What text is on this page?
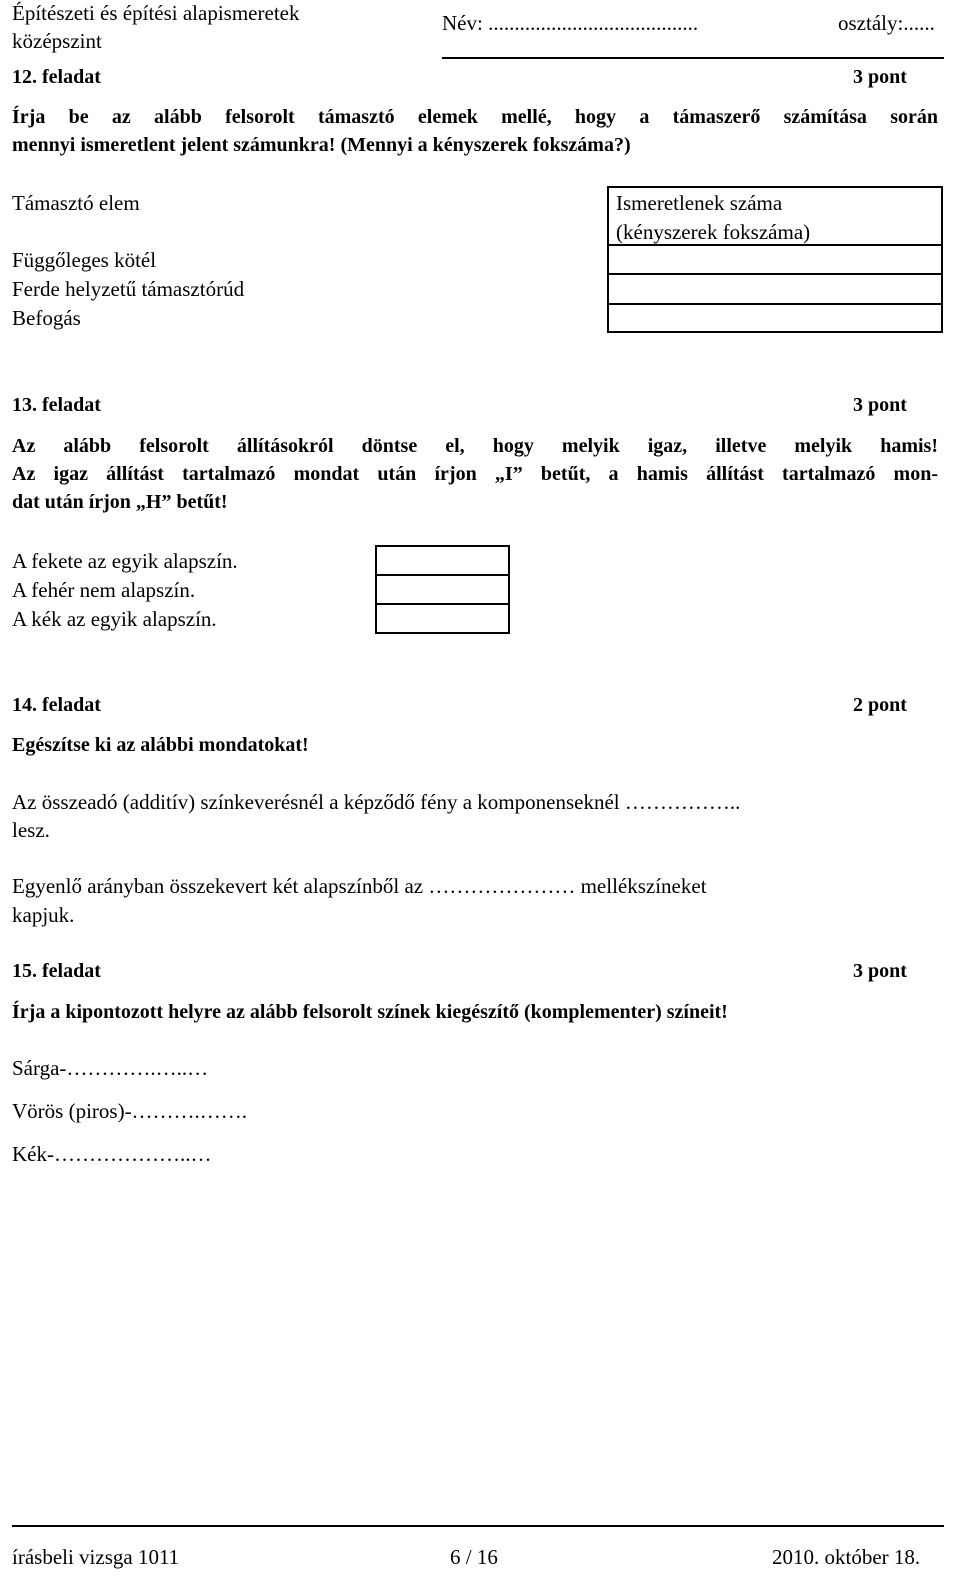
Építészeti és építési alapismeretek
középszint
Név: ........................................	osztály:......
12. feladat	3 pont
Írja be az alább felsorolt támasztó elemek mellé, hogy a támaszerő számítása során
mennyi ismeretlent jelent számunkra! (Mennyi a kényszerek fokszáma?)
Támasztó elem	Ismeretlenek száma
(kényszerek fokszáma)
Függőleges kötél
Ferde helyzetű támasztórúd
Befogás
13. feladat	3 pont
Az alább felsorolt állításokról döntse el, hogy melyik igaz, illetve melyik hamis!
Az igaz állítást tartalmazó mondat után írjon „I” betűt, a hamis állítást tartalmazó mon-
dat után írjon „H” betűt!
A fekete az egyik alapszín.
A fehér nem alapszín.
A kék az egyik alapszín.
14. feladat	2 pont
Egészítse ki az alábbi mondatokat!
Az összeadó (additív) színkeverésnél a képződő fény a komponenseknél ……………..
lesz.
Egyenlő arányban összekevert két alapszínből az ………………… mellékszíneket
kapjuk.
15. feladat	3 pont
Írja a kipontozott helyre az alább felsorolt színek kiegészítő (komplementer) színeit!
Sárga-………….…..…
Vörös (piros)-……….…….
Kék-………………..…
írásbeli vizsga 1011	6 / 16	2010. október 18.
